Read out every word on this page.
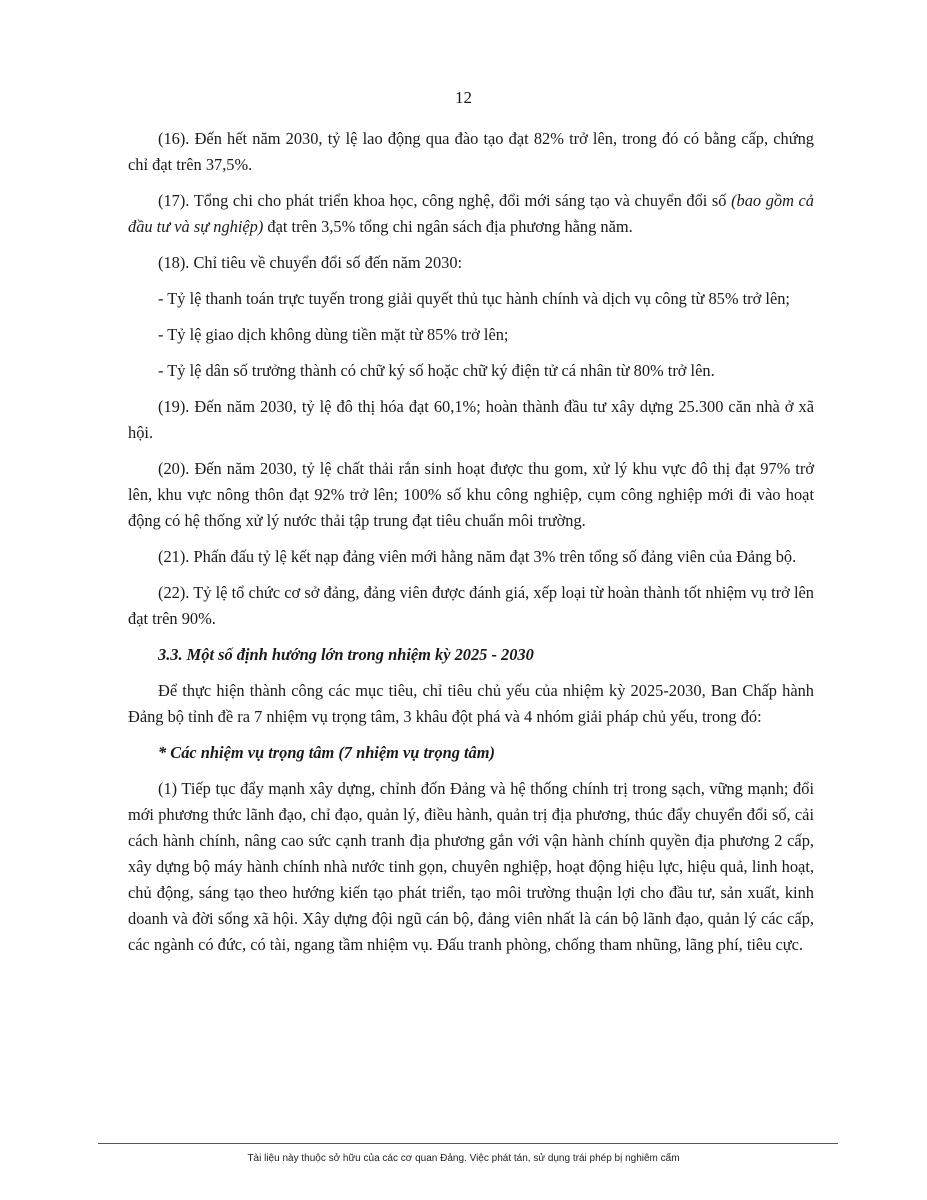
12

(16). Đến hết năm 2030, tỷ lệ lao động qua đào tạo đạt 82% trở lên, trong đó có bằng cấp, chứng chỉ đạt trên 37,5%.

(17). Tổng chi cho phát triển khoa học, công nghệ, đổi mới sáng tạo và chuyển đổi số (bao gồm cả đầu tư và sự nghiệp) đạt trên 3,5% tổng chi ngân sách địa phương hằng năm.

(18). Chỉ tiêu về chuyển đổi số đến năm 2030:

- Tỷ lệ thanh toán trực tuyến trong giải quyết thủ tục hành chính và dịch vụ công từ 85% trở lên;

- Tỷ lệ giao dịch không dùng tiền mặt từ 85% trở lên;

- Tỷ lệ dân số trưởng thành có chữ ký số hoặc chữ ký điện tử cá nhân từ 80% trở lên.

(19). Đến năm 2030, tỷ lệ đô thị hóa đạt 60,1%; hoàn thành đầu tư xây dựng 25.300 căn nhà ở xã hội.

(20). Đến năm 2030, tỷ lệ chất thải rắn sinh hoạt được thu gom, xử lý khu vực đô thị đạt 97% trở lên, khu vực nông thôn đạt 92% trở lên; 100% số khu công nghiệp, cụm công nghiệp mới đi vào hoạt động có hệ thống xử lý nước thải tập trung đạt tiêu chuẩn môi trường.

(21). Phấn đấu tỷ lệ kết nạp đảng viên mới hằng năm đạt 3% trên tổng số đảng viên của Đảng bộ.

(22). Tỷ lệ tổ chức cơ sở đảng, đảng viên được đánh giá, xếp loại từ hoàn thành tốt nhiệm vụ trở lên đạt trên 90%.

3.3. Một số định hướng lớn trong nhiệm kỳ 2025 - 2030

Để thực hiện thành công các mục tiêu, chỉ tiêu chủ yếu của nhiệm kỳ 2025-2030, Ban Chấp hành Đảng bộ tỉnh đề ra 7 nhiệm vụ trọng tâm, 3 khâu đột phá và 4 nhóm giải pháp chủ yếu, trong đó:

* Các nhiệm vụ trọng tâm (7 nhiệm vụ trọng tâm)

(1) Tiếp tục đẩy mạnh xây dựng, chỉnh đốn Đảng và hệ thống chính trị trong sạch, vững mạnh; đổi mới phương thức lãnh đạo, chỉ đạo, quản lý, điều hành, quản trị địa phương, thúc đẩy chuyển đổi số, cải cách hành chính, nâng cao sức cạnh tranh địa phương gắn với vận hành chính quyền địa phương 2 cấp, xây dựng bộ máy hành chính nhà nước tinh gọn, chuyên nghiệp, hoạt động hiệu lực, hiệu quả, linh hoạt, chủ động, sáng tạo theo hướng kiến tạo phát triển, tạo môi trường thuận lợi cho đầu tư, sản xuất, kinh doanh và đời sống xã hội. Xây dựng đội ngũ cán bộ, đảng viên nhất là cán bộ lãnh đạo, quản lý các cấp, các ngành có đức, có tài, ngang tầm nhiệm vụ. Đấu tranh phòng, chống tham nhũng, lãng phí, tiêu cực.

Tài liệu này thuộc sở hữu của các cơ quan Đảng. Việc phát tán, sử dụng trái phép bị nghiêm cấm
